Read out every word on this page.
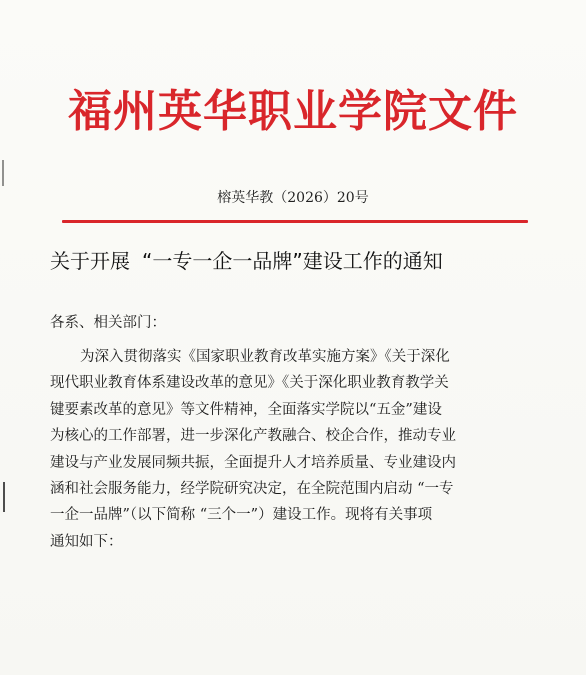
福州英华职业学院文件
榕英华教（2026）20号
关于开展 “一专一企一品牌”建设工作的通知
各系、相关部门：
为深入贯彻落实《国家职业教育改革实施方案》《关于深化
现代职业教育体系建设改革的意见》《关于深化职业教育教学关
键要素改革的意见》等文件精神，全面落实学院以“五金”建设
为核心的工作部署，进一步深化产教融合、校企合作，推动专业
建设与产业发展同频共振，全面提升人才培养质量、专业建设内
涵和社会服务能力，经学院研究决定，在全院范围内启动 “一专
一企一品牌”（以下简称 “三个一”）建设工作。现将有关事项
通知如下：
